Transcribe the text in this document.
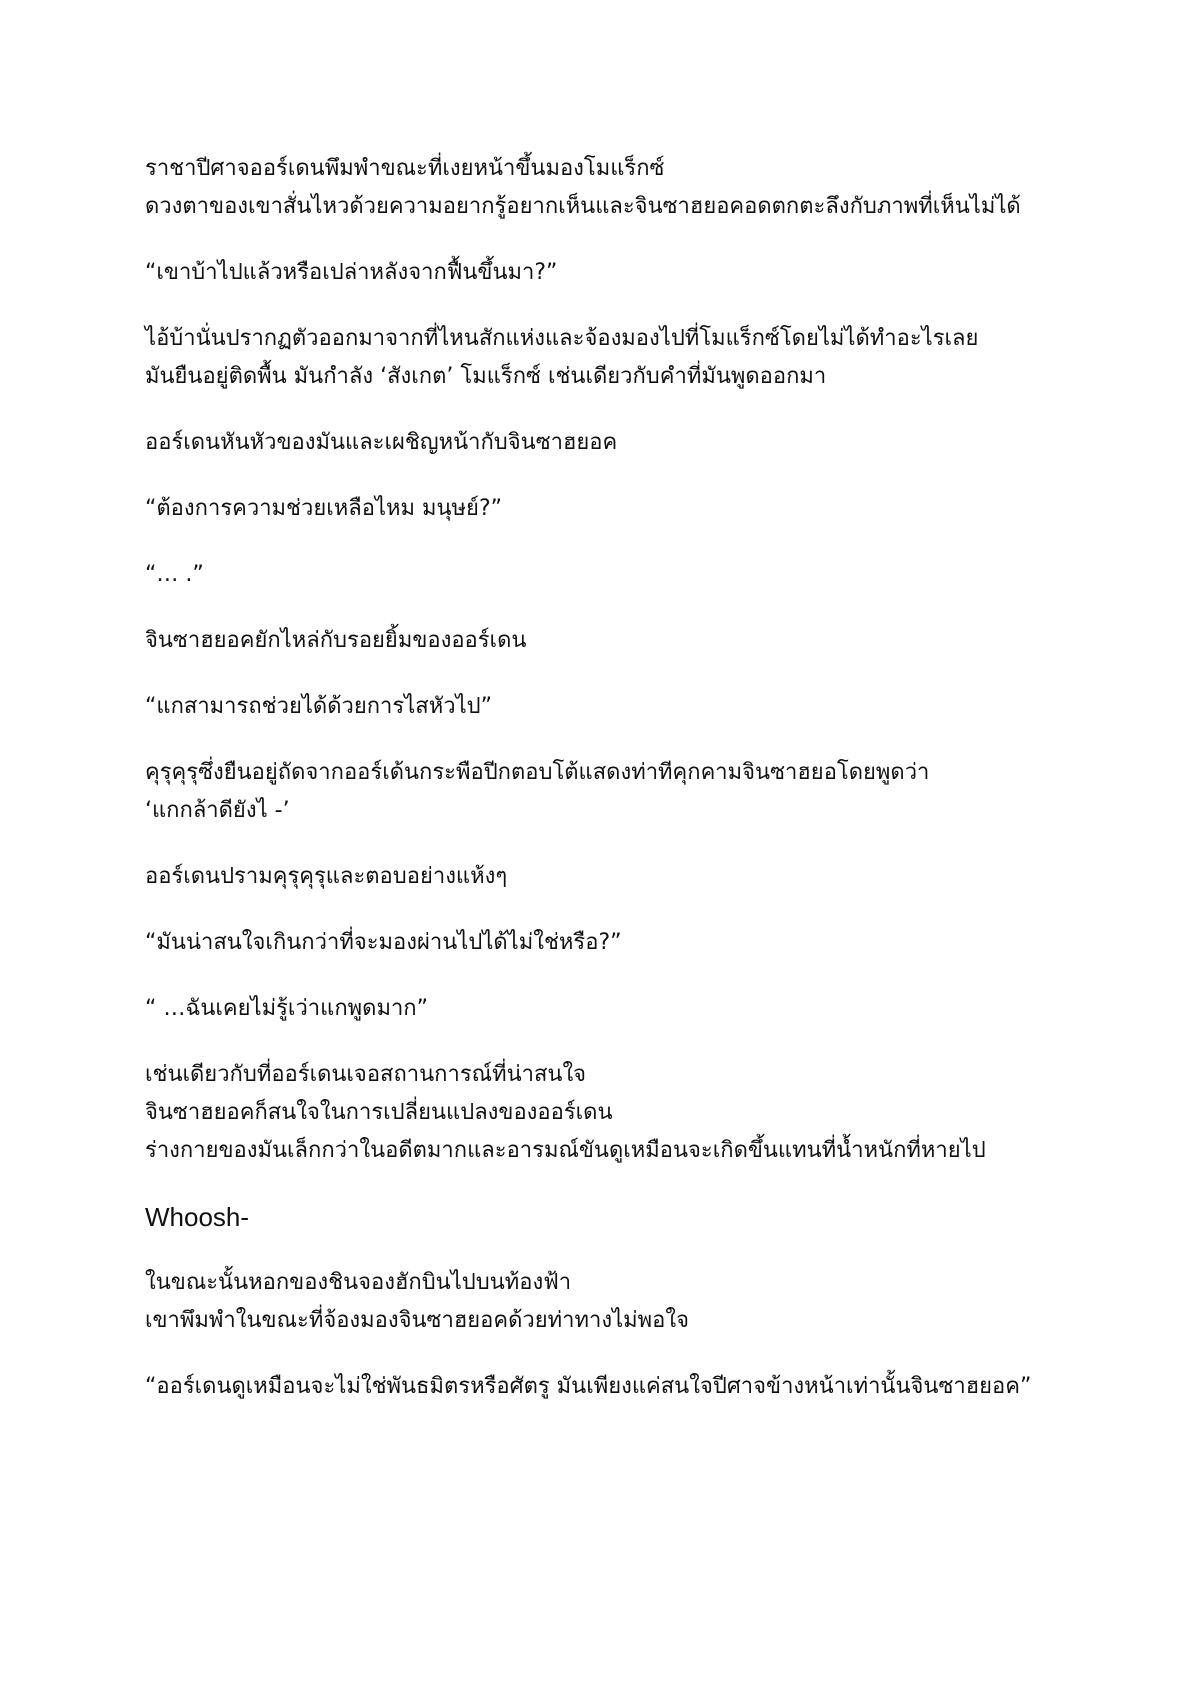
ราชาปีศาจออร์เดนพึมพำขณะที่เงยหน้าขึ้นมองโมแร็กซ์
ดวงตาของเขาสั่นไหวด้วยความอยากรู้อยากเห็นและจินซาฮยอคอดตกตะลึงกับภาพที่เห็นไม่ได้
“เขาบ้าไปแล้วหรือเปล่าหลังจากฟื้นขึ้นมา?”
ไอ้บ้านั่นปรากฏตัวออกมาจากที่ไหนสักแห่งและจ้องมองไปที่โมแร็กซ์โดยไม่ได้ทำอะไรเลย
มันยืนอยู่ติดพื้น มันกำลัง ‘สังเกต’ โมแร็กซ์ เช่นเดียวกับคำที่มันพูดออกมา
ออร์เดนหันหัวของมันและเผชิญหน้ากับจินซาฮยอค
“ต้องการความช่วยเหลือไหม มนุษย์?”
“… .”
จินซาฮยอคยักไหล่กับรอยยิ้มของออร์เดน
“แกสามารถช่วยได้ด้วยการไสหัวไป”
คุรุคุรุซึ่งยืนอยู่ถัดจากออร์เด้นกระพือปีกตอบโต้แสดงท่าทีคุกคามจินซาฮยอโดยพูดว่า
‘แกกล้าดียังไ -’
ออร์เดนปรามคุรุคุรุและตอบอย่างแห้งๆ
“มันน่าสนใจเกินกว่าที่จะมองผ่านไปได้ไม่ใช่หรือ?”
“ …ฉันเคยไม่รู้เว่าแกพูดมาก”
เช่นเดียวกับที่ออร์เดนเจอสถานการณ์ที่น่าสนใจ
จินซาฮยอคก็สนใจในการเปลี่ยนแปลงของออร์เดน
ร่างกายของมันเล็กกว่าในอดีตมากและอารมณ์ขันดูเหมือนจะเกิดขึ้นแทนที่น้ำหนักที่หายไป
Whoosh-
ในขณะนั้นหอกของชินจองฮักบินไปบนท้องฟ้า
เขาพึมพำในขณะที่จ้องมองจินซาฮยอคด้วยท่าทางไม่พอใจ
“ออร์เดนดูเหมือนจะไม่ใช่พันธมิตรหรือศัตรู มันเพียงแค่สนใจปีศาจข้างหน้าเท่านั้นจินซาฮยอค”
